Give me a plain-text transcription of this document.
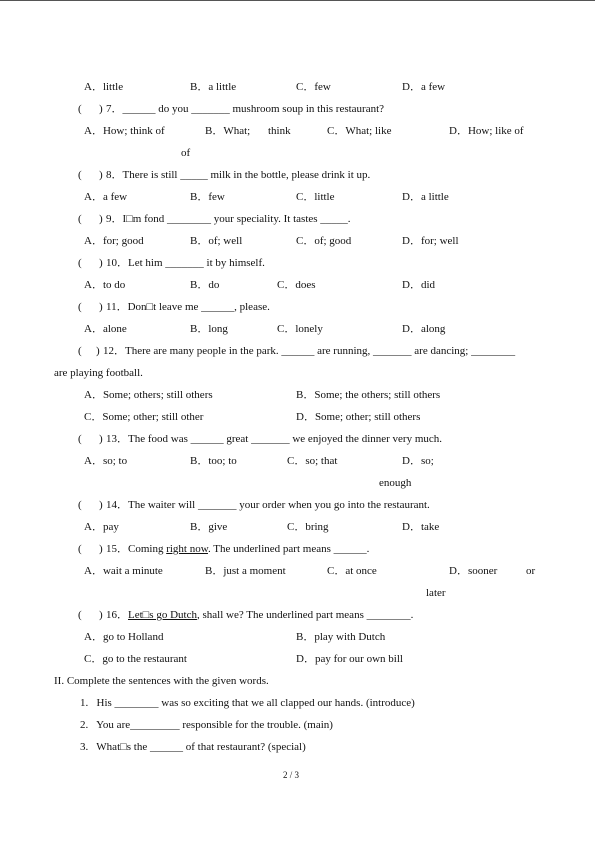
A．little	B．a little	C．few	D．a few
( ) 7．______ do you _______ mushroom soup in this restaurant?
A．How; think of	B．What; think	C．What; like	D．How; like of
of
( ) 8．There is still _____ milk in the bottle, please drink it up.
A．a few	B．few	C．little	D．a little
( ) 9．I□m fond ________ your speciality. It tastes _____.
A．for; good	B．of; well	C．of; good	D．for; well
( ) 10．Let him _______ it by himself.
A．to do	B．do	C．does	D．did
( ) 11．Don□t leave me ______, please.
A．alone	B．long	C．lonely	D．along
( ) 12．There are many people in the park. ______ are running, _______ are dancing; ________
are playing football.
A．Some; others; still others	B．Some; the others; still others
C．Some; other; still other	D．Some; other; still others
( ) 13．The food was ______ great _______ we enjoyed the dinner very much.
A．so; to	B．too; to	C．so; that	D．so;
enough
( ) 14．The waiter will _______ your order when you go into the restaurant.
A．pay	B．give	C．bring	D．take
( ) 15．Coming right now. The underlined part means ______.
A．wait a minute	B．just a moment	C．at once	D．sooner	or
later
( ) 16．Let□s go Dutch, shall we? The underlined part means ________.
A．go to Holland	B．play with Dutch
C．go to the restaurant	D．pay for our own bill
II. Complete the sentences with the given words.
1.   His ________ was so exciting that we all clapped our hands. (introduce)
2.   You are_________ responsible for the trouble. (main)
3.   What□s the ______ of that restaurant? (special)
2 / 3
